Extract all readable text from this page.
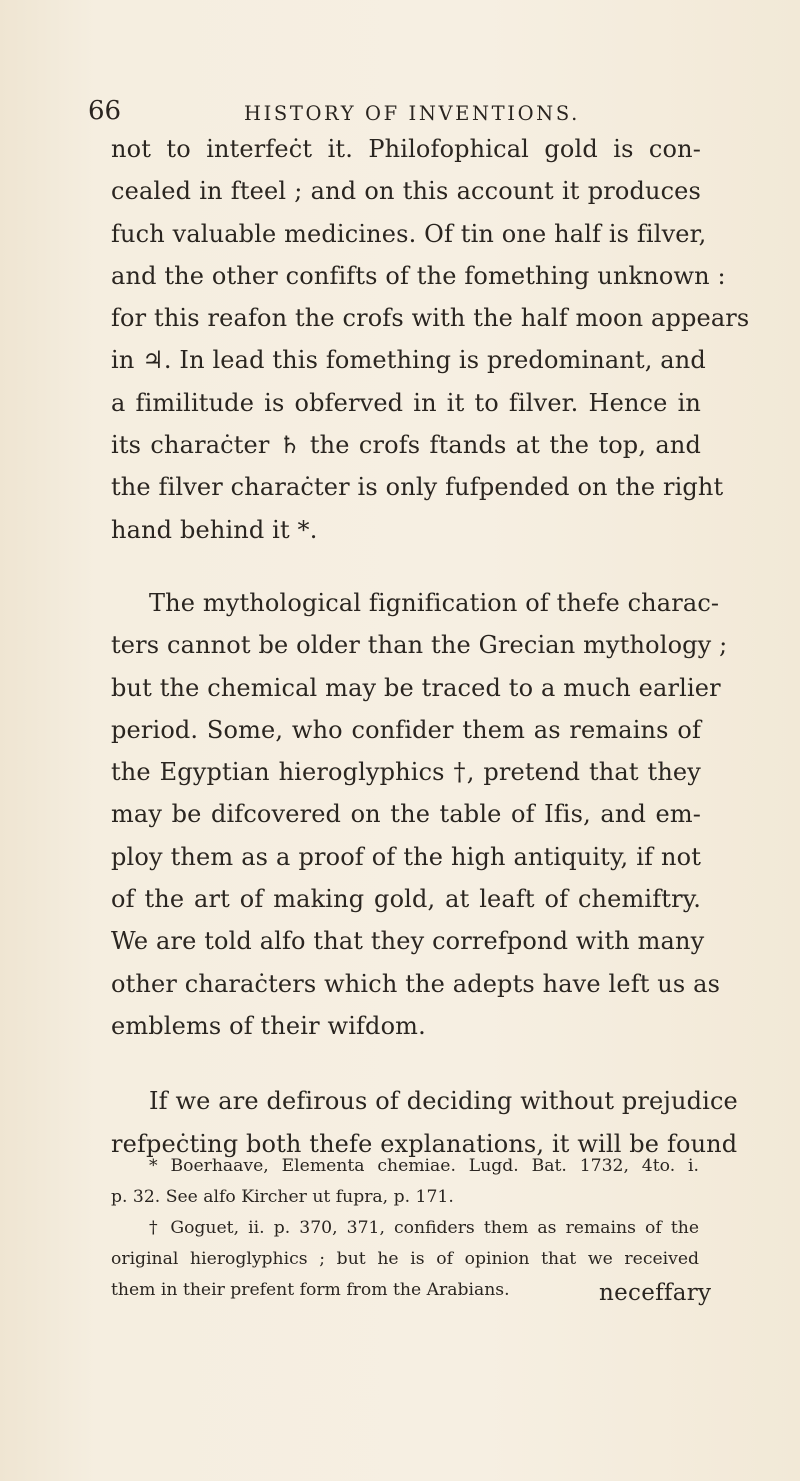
66	HISTORY OF INVENTIONS.
not to interfeċt it. Philofophical gold is con-
cealed in fteel ; and on this account it produces
fuch valuable medicines. Of tin one half is filver,
and the other confifts of the fomething unknown :
for this reafon the crofs with the half moon appears
in ♃. In lead this fomething is predominant, and
a fimilitude is obferved in it to filver. Hence in
its charaċter ♄ the crofs ftands at the top, and
the filver charaċter is only fufpended on the right
hand behind it *.
The mythological fignification of thefe charac-
ters cannot be older than the Grecian mythology ;
but the chemical may be traced to a much earlier
period. Some, who confider them as remains of
the Egyptian hieroglyphics †, pretend that they
may be difcovered on the table of Ifis, and em-
ploy them as a proof of the high antiquity, if not
of the art of making gold, at leaft of chemiftry.
We are told alfo that they correfpond with many
other charaċters which the adepts have left us as
emblems of their wifdom.
If we are defirous of deciding without prejudice
refpeċting both thefe explanations, it will be found
* Boerhaave, Elementa chemiae. Lugd. Bat. 1732, 4to. i.
p. 32. See alfo Kircher ut fupra, p. 171.
† Goguet, ii. p. 370, 371, confiders them as remains of the
original hieroglyphics ; but he is of opinion that we received
them in their prefent form from the Arabians.	neceffary
